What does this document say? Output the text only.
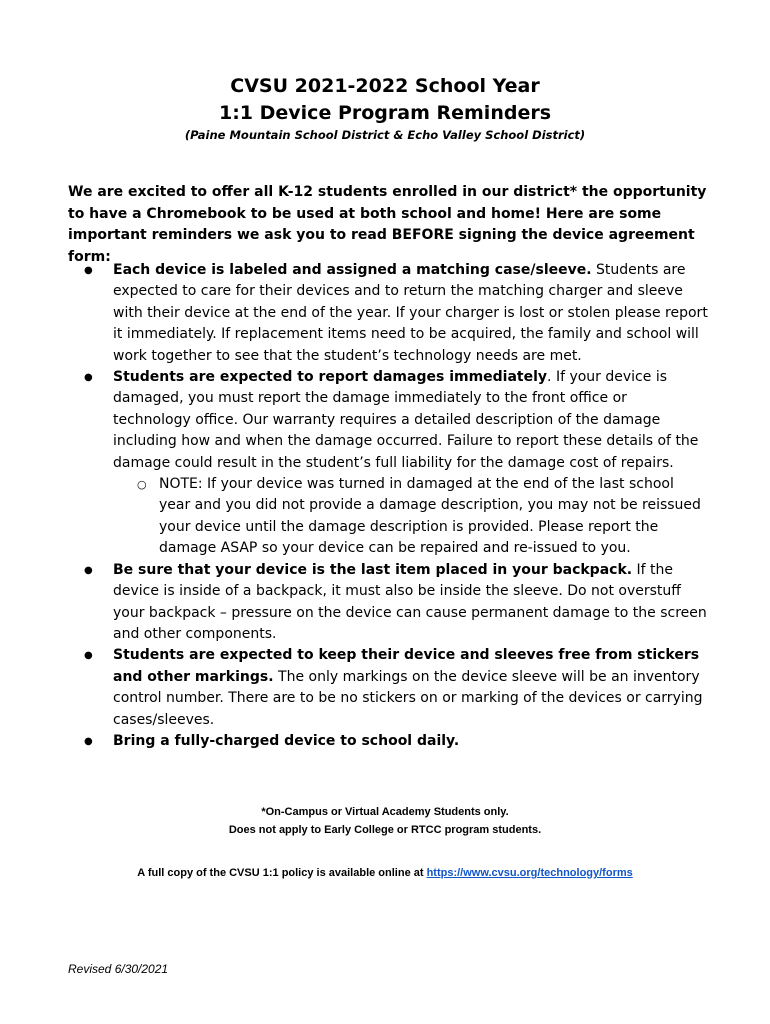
CVSU 2021-2022 School Year
1:1 Device Program Reminders

(Paine Mountain School District & Echo Valley School District)

We are excited to offer all K-12 students enrolled in our district* the opportunity to have a Chromebook to be used at both school and home! Here are some important reminders we ask you to read BEFORE signing the device agreement form:

● Each device is labeled and assigned a matching case/sleeve. Students are expected to care for their devices and to return the matching charger and sleeve with their device at the end of the year. If your charger is lost or stolen please report it immediately. If replacement items need to be acquired, the family and school will work together to see that the student’s technology needs are met.
● Students are expected to report damages immediately. If your device is damaged, you must report the damage immediately to the front office or technology office. Our warranty requires a detailed description of the damage including how and when the damage occurred. Failure to report these details of the damage could result in the student’s full liability for the damage cost of repairs.
○ NOTE: If your device was turned in damaged at the end of the last school year and you did not provide a damage description, you may not be reissued your device until the damage description is provided. Please report the damage ASAP so your device can be repaired and re-issued to you.
● Be sure that your device is the last item placed in your backpack. If the device is inside of a backpack, it must also be inside the sleeve. Do not overstuff your backpack – pressure on the device can cause permanent damage to the screen and other components.
● Students are expected to keep their device and sleeves free from stickers and other markings. The only markings on the device sleeve will be an inventory control number. There are to be no stickers on or marking of the devices or carrying cases/sleeves.
● Bring a fully-charged device to school daily.

*On-Campus or Virtual Academy Students only.

Does not apply to Early College or RTCC program students.

A full copy of the CVSU 1:1 policy is available online at https://www.cvsu.org/technology/forms

Revised 6/30/2021
